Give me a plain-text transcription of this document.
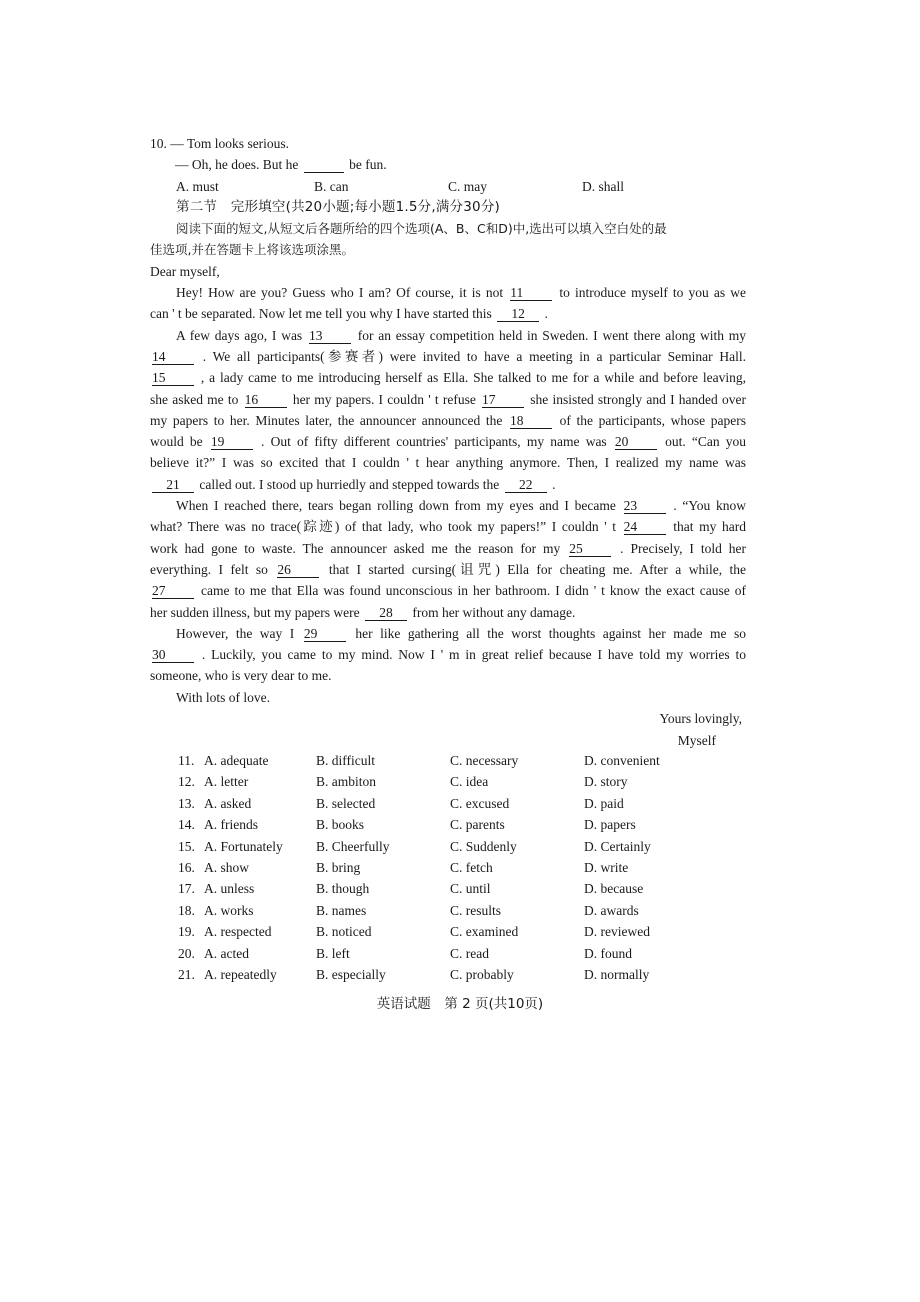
10. — Tom looks serious.
— Oh, he does. But he	be fun.
A. must	B. can	C. may	D. shall
第二节　完形填空(共20小题;每小题1.5分,满分30分)
阅读下面的短文,从短文后各题所给的四个选项(A、B、C和D)中,选出可以填入空白处的最
佳选项,并在答题卡上将该选项涂黑。
Dear myself,
Hey! How are you? Guess who I am? Of course, it is not 11	to introduce myself to you as we
can ' t be separated. Now let me tell you why I have started this 12 .
A few days ago, I was 13	for an essay competition held in Sweden. I went there along with my
14	. We all participants(参赛者) were invited to have a meeting in a particular Seminar Hall.
15	, a lady came to me introducing herself as Ella. She talked to me for a while and before leaving,
she asked me to 16	her my papers. I couldn ' t refuse 17	she insisted strongly and I handed over
my papers to her. Minutes later, the announcer announced the 18	of the participants, whose papers
would be 19	. Out of fifty different countries' participants, my name was 20	out. “Can you
believe it?” I was so excited that I couldn ' t hear anything anymore. Then, I realized my name was
21 called out. I stood up hurriedly and stepped towards the 22 .
When I reached there, tears began rolling down from my eyes and I became 23	. “You know
what? There was no trace(踪迹) of that lady, who took my papers!” I couldn ' t 24	that my hard
work had gone to waste. The announcer asked me the reason for my 25	. Precisely, I told her
everything. I felt so 26	that I started cursing(诅咒) Ella for cheating me. After a while, the
27	came to me that Ella was found unconscious in her bathroom. I didn ' t know the exact cause of
her sudden illness, but my papers were 28 from her without any damage.
However, the way I 29	her like gathering all the worst thoughts against her made me so
30	. Luckily, you came to my mind. Now I ' m in great relief because I have told my worries to
someone, who is very dear to me.
With lots of love.
Yours lovingly,
Myself
11. A. adequate	B. difficult	C. necessary	D. convenient
12. A. letter	B. ambiton	C. idea	D. story
13. A. asked	B. selected	C. excused	D. paid
14. A. friends	B. books	C. parents	D. papers
15. A. Fortunately	B. Cheerfully	C. Suddenly	D. Certainly
16. A. show	B. bring	C. fetch	D. write
17. A. unless	B. though	C. until	D. because
18. A. works	B. names	C. results	D. awards
19. A. respected	B. noticed	C. examined	D. reviewed
20. A. acted	B. left	C. read	D. found
21. A. repeatedly	B. especially	C. probably	D. normally
英语试题　第 2 页(共10页)
